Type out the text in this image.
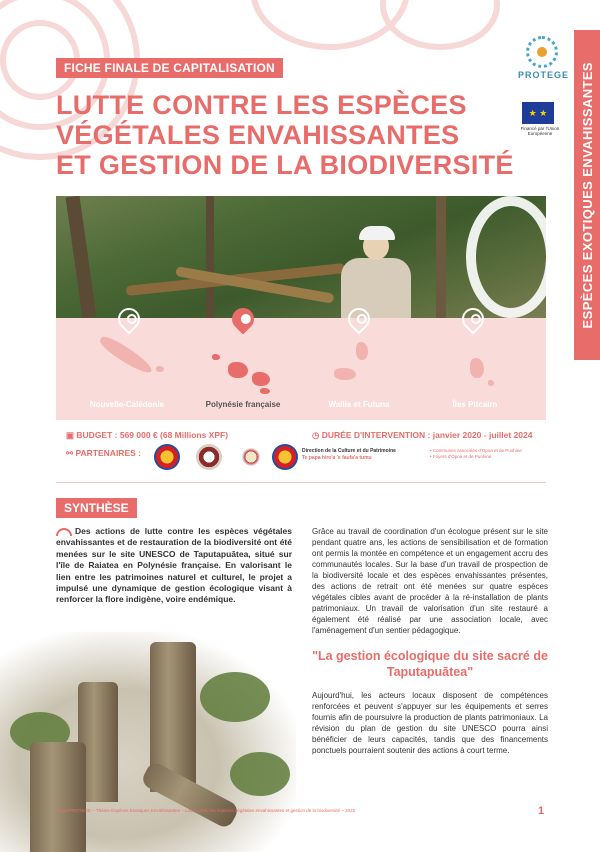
ESPÈCES EXOTIQUES ENVAHISSANTES
PROTEGE
★ ★
Financé par l'Union Européenne
FICHE FINALE DE CAPITALISATION
LUTTE CONTRE LES ESPÈCES
VÉGÉTALES ENVAHISSANTES
ET GESTION DE LA BIODIVERSITÉ
Nouvelle-Calédonie	Polynésie française	Wallis et Futuna	Îles Pitcairn
▣ BUDGET : 569 000 € (68 Millions XPF)	◷ DURÉE D'INTERVENTION : janvier 2020 - juillet 2024
⚯ PARTENAIRES :	Direction de la Culture et du Patrimoine
Te papa hiro'a 'e faufa'a tumu
• Communes associées d'Opoa et de Puohine
• Foyers d'Opoa et de Puohine
SYNTHÈSE
Des actions de lutte contre les espèces végétales envahissantes et de restauration de la biodiversité ont été menées sur le site UNESCO de Taputapuātea, situé sur l'île de Raiatea en Polynésie française. En valorisant le lien entre les patrimoines naturel et culturel, le projet a impulsé une dynamique de gestion écologique visant à renforcer la flore indigène, voire endémique.
Grâce au travail de coordination d'un écologue présent sur le site pendant quatre ans, les actions de sensibilisation et de formation ont permis la montée en compétence et un engagement accru des communautés locales. Sur la base d'un travail de prospection de la biodiversité locale et des espèces envahissantes présentes, des actions de retrait ont été menées sur quatre espèces végétales cibles avant de procéder à la ré-installation de plants patrimoniaux. Un travail de valorisation d'un site restauré a également été réalisé par une association locale, avec l'aménagement d'un sentier pédagogique.
"La gestion écologique du site sacré de Taputapuātea"
Aujourd'hui, les acteurs locaux disposent de compétences renforcées et peuvent s'appuyer sur les équipements et serres fournis afin de poursuivre la production de plants patrimoniaux. La révision du plan de gestion du site UNESCO pourra ainsi bénéficier de leurs capacités, tandis que des financements ponctuels pourraient soutenir des actions à court terme.
Projet PROTEGE – Thème Espèces Exotiques Envahissantes – Lutte contre les espèces végétales envahissantes et gestion de la biodiversité – 2025	1
